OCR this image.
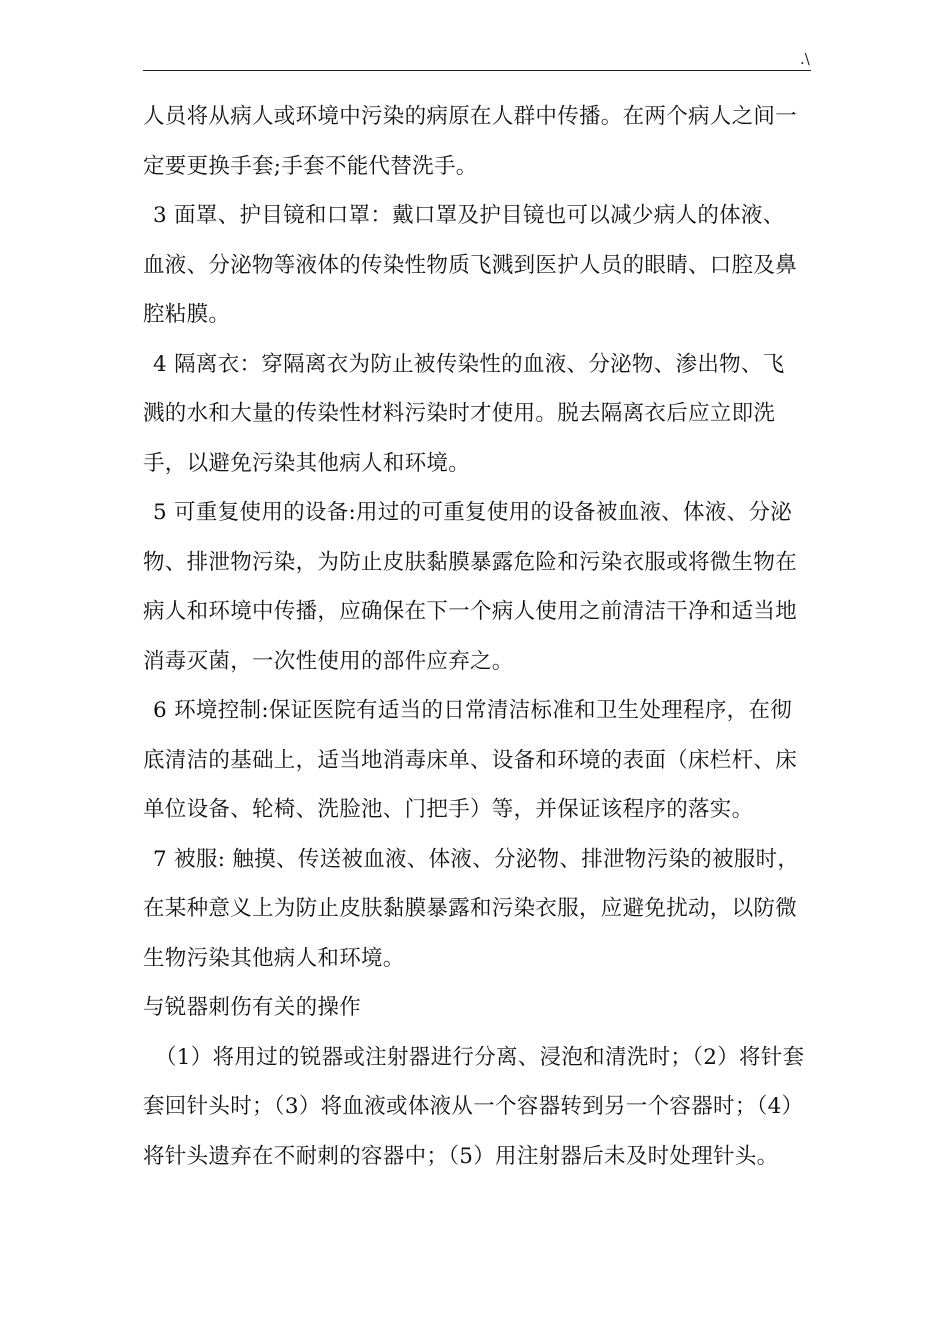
.\
人员将从病人或环境中污染的病原在人群中传播。在两个病人之间一
定要更换手套;手套不能代替洗手。
3 面罩、护目镜和口罩：戴口罩及护目镜也可以减少病人的体液、
血液、分泌物等液体的传染性物质飞溅到医护人员的眼睛、口腔及鼻
腔粘膜。
4 隔离衣：穿隔离衣为防止被传染性的血液、分泌物、渗出物、飞
溅的水和大量的传染性材料污染时才使用。脱去隔离衣后应立即洗
手，以避免污染其他病人和环境。
5 可重复使用的设备:用过的可重复使用的设备被血液、体液、分泌
物、排泄物污染，为防止皮肤黏膜暴露危险和污染衣服或将微生物在
病人和环境中传播，应确保在下一个病人使用之前清洁干净和适当地
消毒灭菌，一次性使用的部件应弃之。
6 环境控制:保证医院有适当的日常清洁标准和卫生处理程序，在彻
底清洁的基础上，适当地消毒床单、设备和环境的表面（床栏杆、床
单位设备、轮椅、洗脸池、门把手）等，并保证该程序的落实。
7 被服: 触摸、传送被血液、体液、分泌物、排泄物污染的被服时，
在某种意义上为防止皮肤黏膜暴露和污染衣服，应避免扰动，以防微
生物污染其他病人和环境。
与锐器刺伤有关的操作
（1）将用过的锐器或注射器进行分离、浸泡和清洗时；（2）将针套
套回针头时；（3）将血液或体液从一个容器转到另一个容器时；（4）
将针头遗弃在不耐刺的容器中；（5）用注射器后未及时处理针头。
